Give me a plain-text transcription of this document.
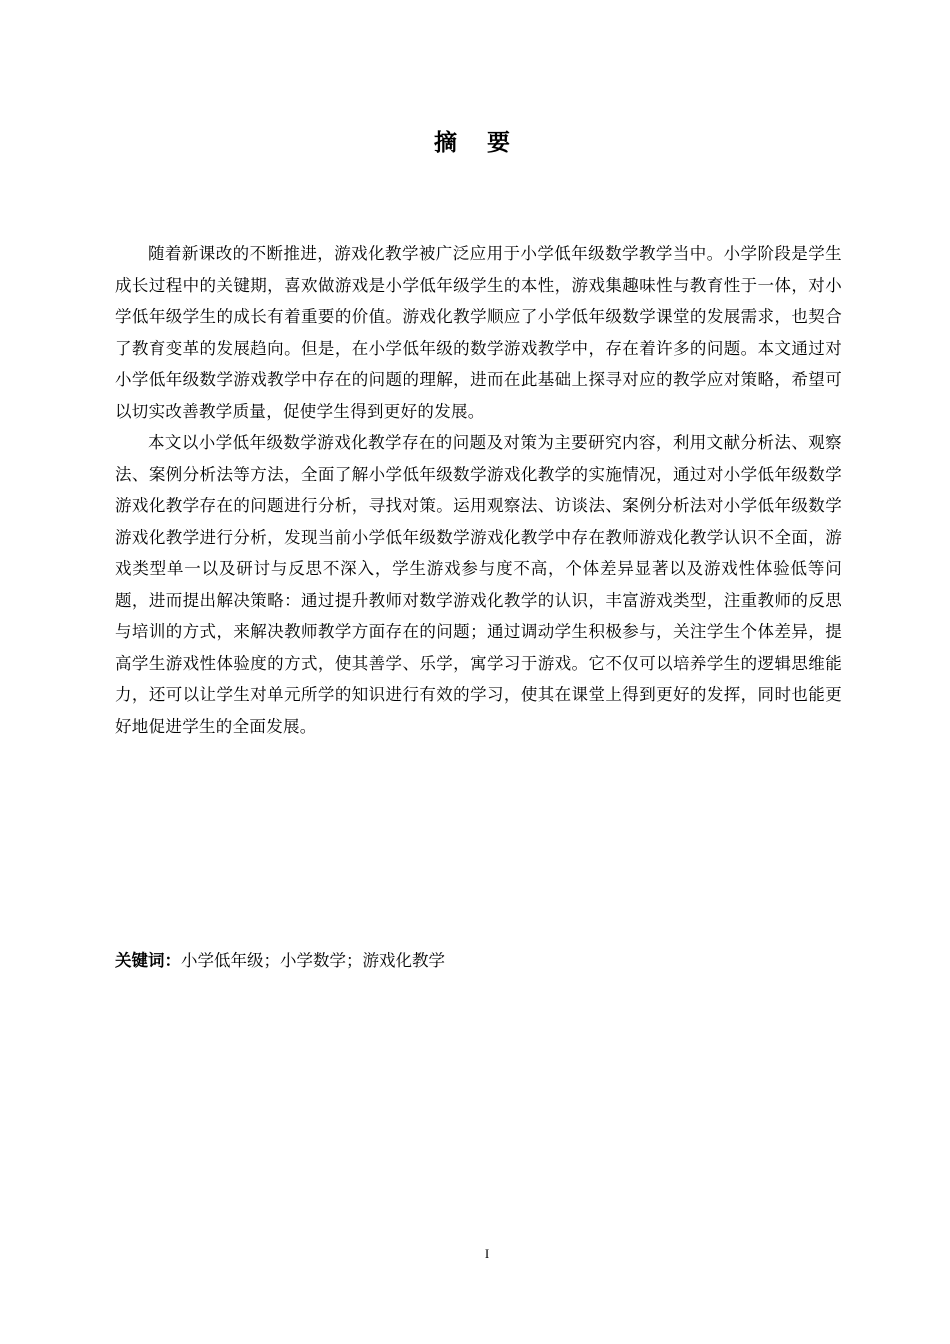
摘要

随着新课改的不断推进，游戏化教学被广泛应用于小学低年级数学教学当中。小学阶段是学生成长过程中的关键期，喜欢做游戏是小学低年级学生的本性，游戏集趣味性与教育性于一体，对小学低年级学生的成长有着重要的价值。游戏化教学顺应了小学低年级数学课堂的发展需求，也契合了教育变革的发展趋向。但是，在小学低年级的数学游戏教学中，存在着许多的问题。本文通过对小学低年级数学游戏教学中存在的问题的理解，进而在此基础上探寻对应的教学应对策略，希望可以切实改善教学质量，促使学生得到更好的发展。

本文以小学低年级数学游戏化教学存在的问题及对策为主要研究内容，利用文献分析法、观察法、案例分析法等方法，全面了解小学低年级数学游戏化教学的实施情况，通过对小学低年级数学游戏化教学存在的问题进行分析，寻找对策。运用观察法、访谈法、案例分析法对小学低年级数学游戏化教学进行分析，发现当前小学低年级数学游戏化教学中存在教师游戏化教学认识不全面，游戏类型单一以及研讨与反思不深入，学生游戏参与度不高，个体差异显著以及游戏性体验低等问题，进而提出解决策略：通过提升教师对数学游戏化教学的认识，丰富游戏类型，注重教师的反思与培训的方式，来解决教师教学方面存在的问题；通过调动学生积极参与，关注学生个体差异，提高学生游戏性体验度的方式，使其善学、乐学，寓学习于游戏。它不仅可以培养学生的逻辑思维能力，还可以让学生对单元所学的知识进行有效的学习，使其在课堂上得到更好的发挥，同时也能更好地促进学生的全面发展。

关键词：小学低年级；小学数学；游戏化教学
I
